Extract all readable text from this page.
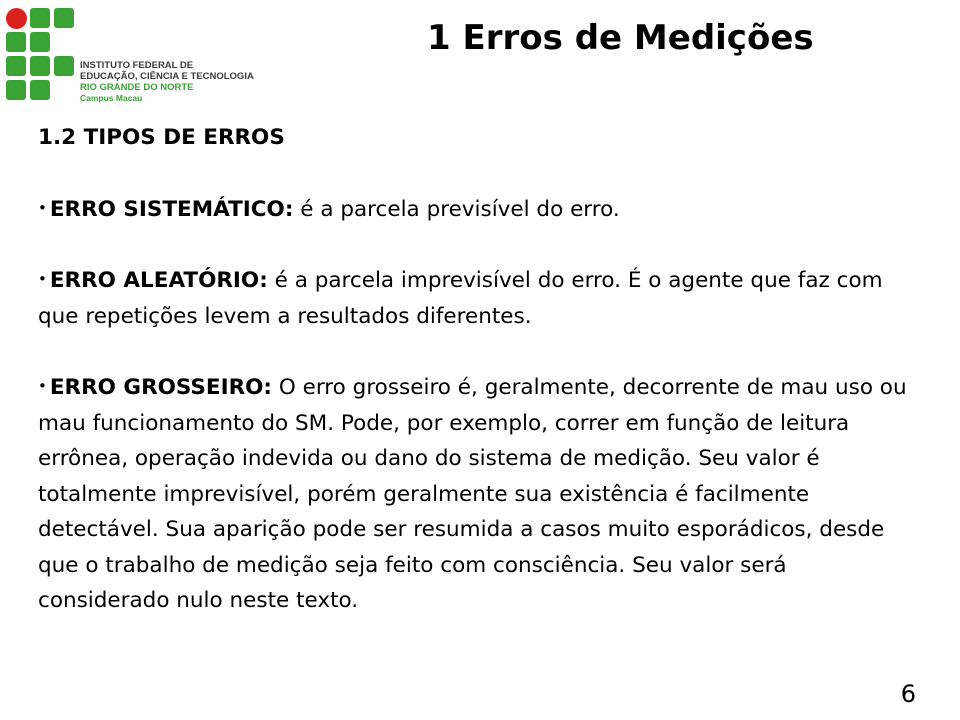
INSTITUTO FEDERAL DE
EDUCAÇÃO, CIÊNCIA E TECNOLOGIA
RIO GRANDE DO NORTE
Campus Macau
1 Erros de Medições
1.2 TIPOS DE ERROS
• ERRO SISTEMÁTICO: é a parcela previsível do erro.
• ERRO ALEATÓRIO: é a parcela imprevisível do erro. É o agente que faz com que repetições levem a resultados diferentes.
• ERRO GROSSEIRO: O erro grosseiro é, geralmente, decorrente de mau uso ou mau funcionamento do SM. Pode, por exemplo, correr em função de leitura errônea, operação indevida ou dano do sistema de medição. Seu valor é totalmente imprevisível, porém geralmente sua existência é facilmente detectável. Sua aparição pode ser resumida a casos muito esporádicos, desde que o trabalho de medição seja feito com consciência. Seu valor será considerado nulo neste texto.
6
